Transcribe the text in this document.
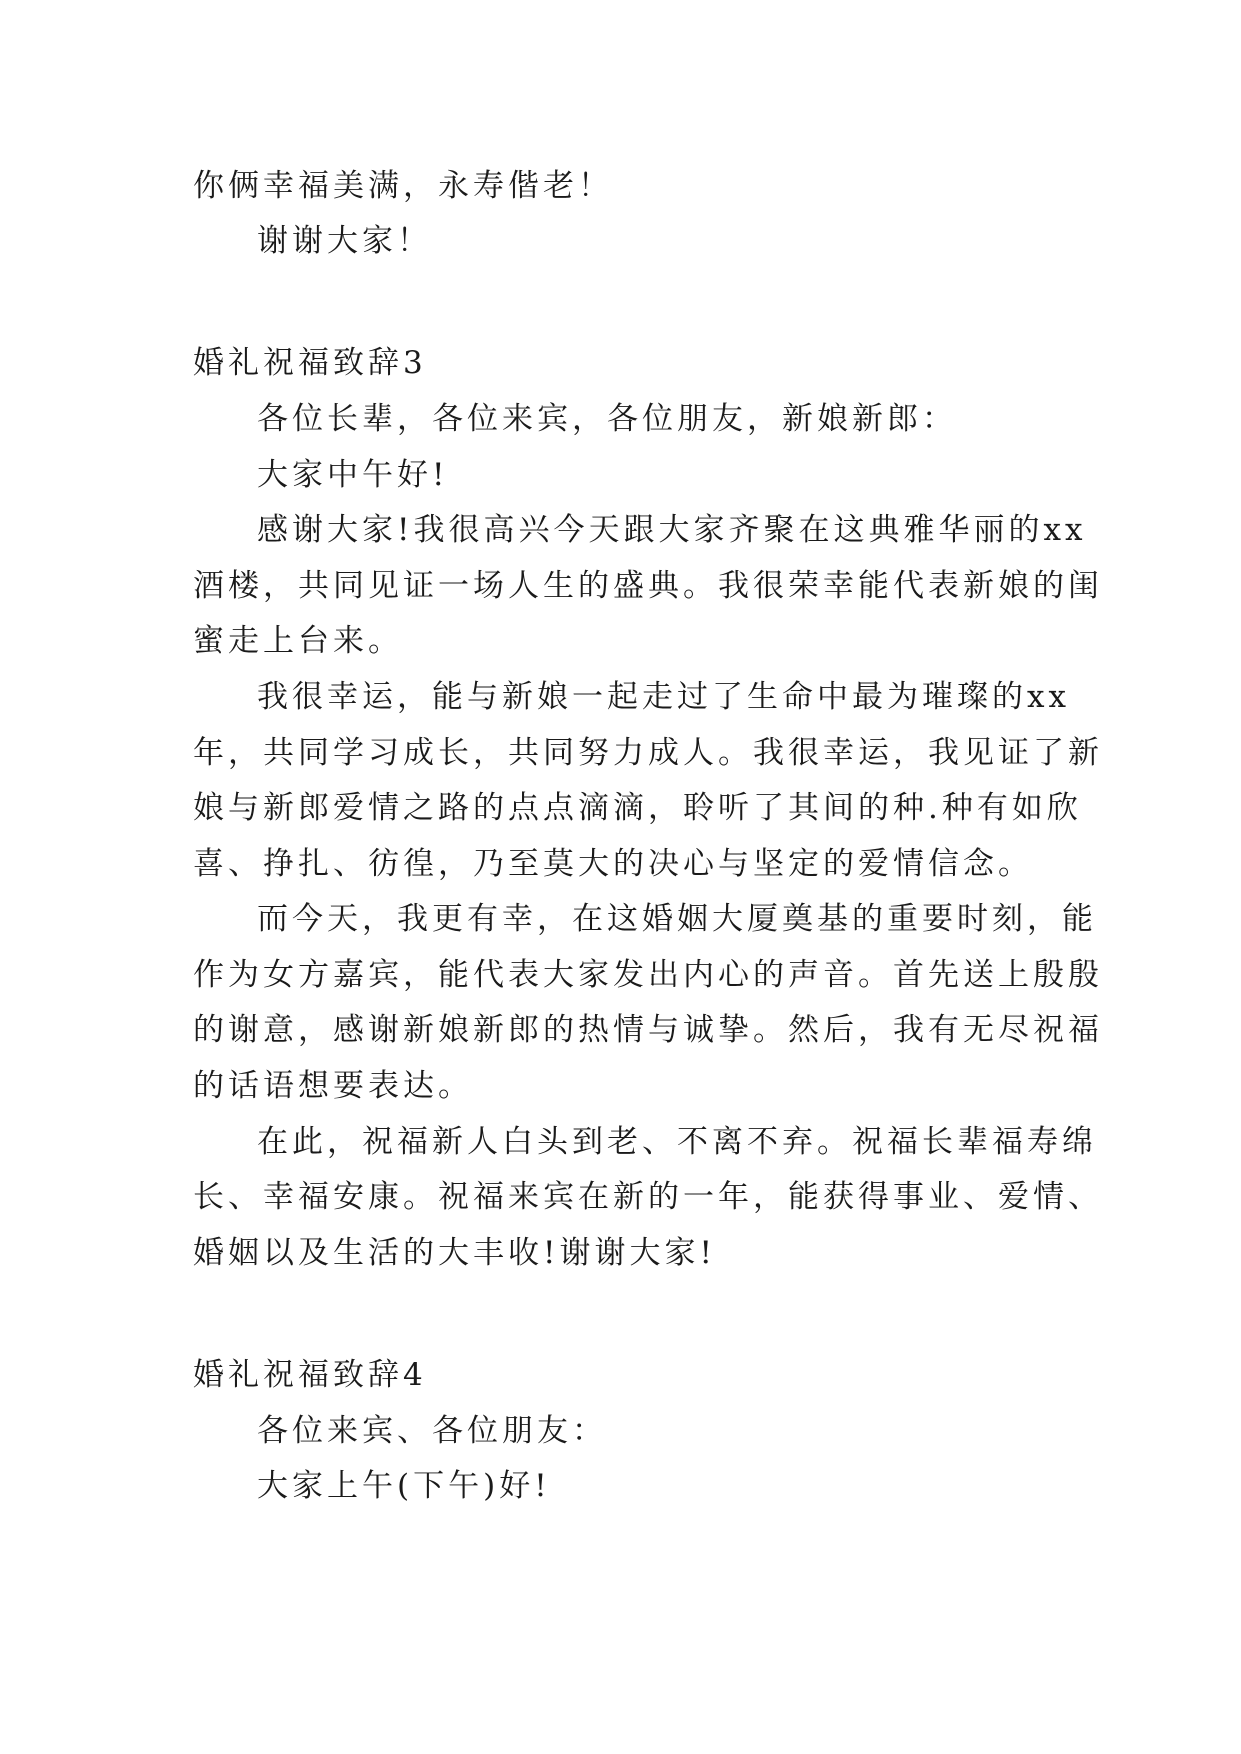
你俩幸福美满，永寿偕老！
谢谢大家！
婚礼祝福致辞3
各位长辈，各位来宾，各位朋友，新娘新郎：
大家中午好!
感谢大家!我很高兴今天跟大家齐聚在这典雅华丽的xx
酒楼，共同见证一场人生的盛典。我很荣幸能代表新娘的闺
蜜走上台来。
我很幸运，能与新娘一起走过了生命中最为璀璨的xx
年，共同学习成长，共同努力成人。我很幸运，我见证了新
娘与新郎爱情之路的点点滴滴，聆听了其间的种.种有如欣
喜、挣扎、彷徨，乃至莫大的决心与坚定的爱情信念。
而今天，我更有幸，在这婚姻大厦奠基的重要时刻，能
作为女方嘉宾，能代表大家发出内心的声音。首先送上殷殷
的谢意，感谢新娘新郎的热情与诚挚。然后，我有无尽祝福
的话语想要表达。
在此，祝福新人白头到老、不离不弃。祝福长辈福寿绵
长、幸福安康。祝福来宾在新的一年，能获得事业、爱情、
婚姻以及生活的大丰收!谢谢大家!
婚礼祝福致辞4
各位来宾、各位朋友：
大家上午(下午)好!
